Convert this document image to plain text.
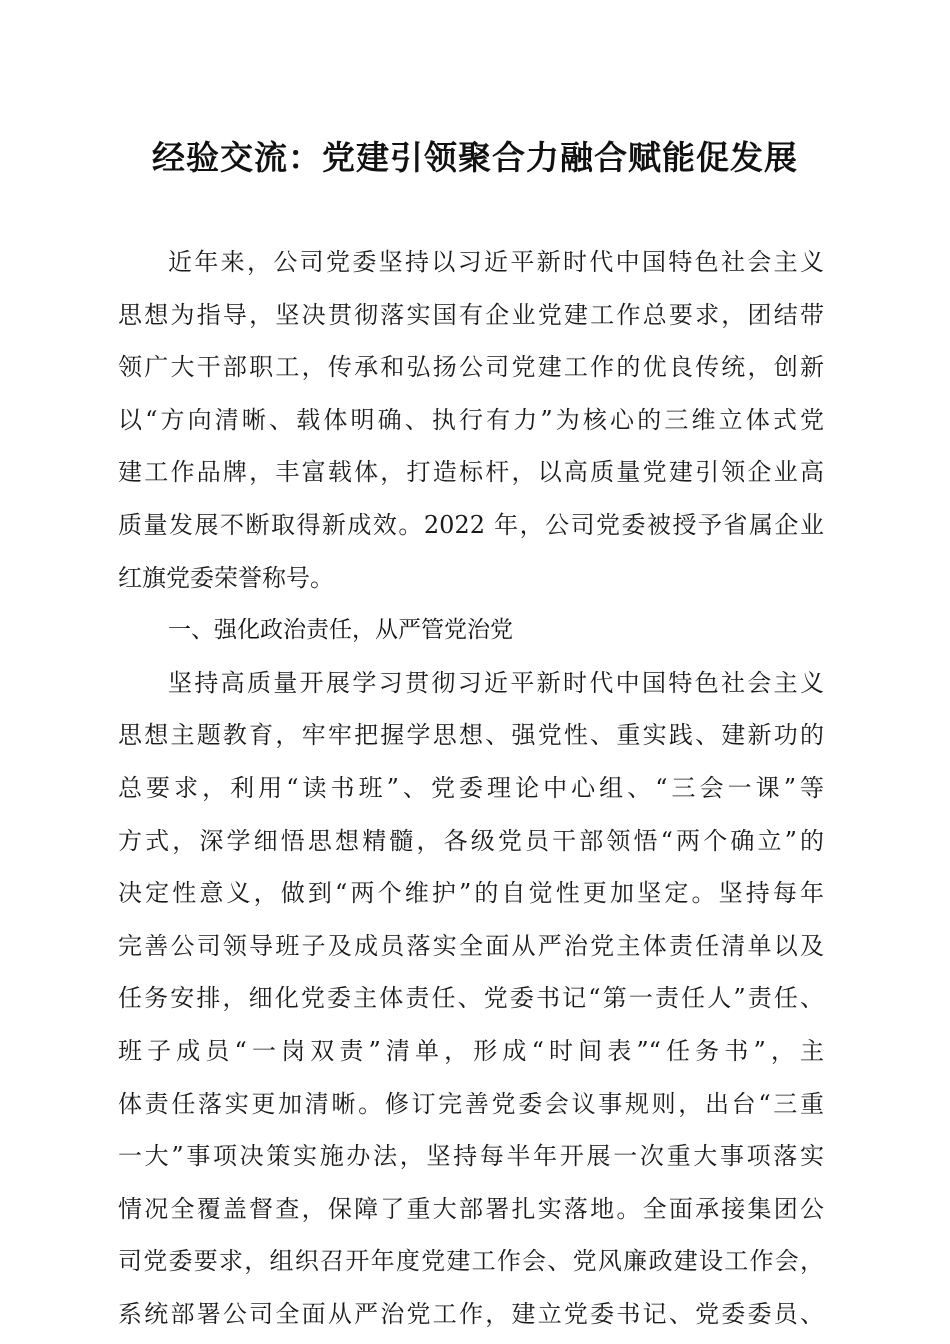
经验交流：党建引领聚合力融合赋能促发展
近年来，公司党委坚持以习近平新时代中国特色社会主义
思想为指导，坚决贯彻落实国有企业党建工作总要求，团结带
领广大干部职工，传承和弘扬公司党建工作的优良传统，创新
以“方向清晰、载体明确、执行有力”为核心的三维立体式党
建工作品牌，丰富载体，打造标杆，以高质量党建引领企业高
质量发展不断取得新成效。2022 年，公司党委被授予省属企业
红旗党委荣誉称号。
一、强化政治责任，从严管党治党
坚持高质量开展学习贯彻习近平新时代中国特色社会主义
思想主题教育，牢牢把握学思想、强党性、重实践、建新功的
总要求，利用“读书班”、党委理论中心组、“三会一课”等
方式，深学细悟思想精髓，各级党员干部领悟“两个确立”的
决定性意义，做到“两个维护”的自觉性更加坚定。坚持每年
完善公司领导班子及成员落实全面从严治党主体责任清单以及
任务安排，细化党委主体责任、党委书记“第一责任人”责任、
班子成员“一岗双责”清单，形成“时间表”“任务书”，主
体责任落实更加清晰。修订完善党委会议事规则，出台“三重
一大”事项决策实施办法，坚持每半年开展一次重大事项落实
情况全覆盖督查，保障了重大部署扎实落地。全面承接集团公
司党委要求，组织召开年度党建工作会、党风廉政建设工作会，
系统部署公司全面从严治党工作，建立党委书记、党委委员、
